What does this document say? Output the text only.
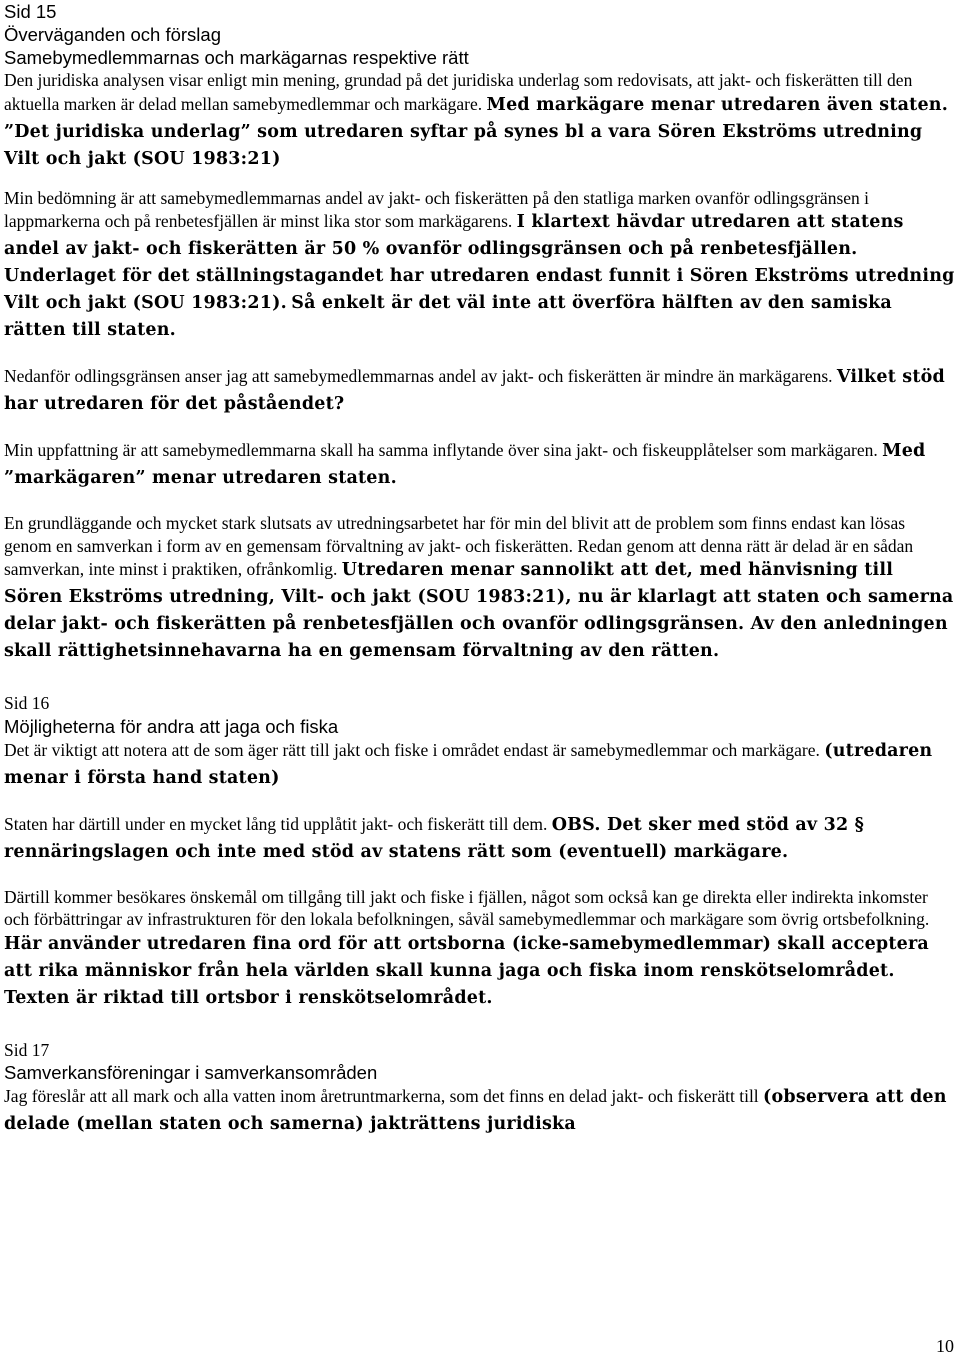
Sid 15
Överväganden och förslag
Samebymedlemmarnas och markägarnas respektive rätt

Den juridiska analysen visar enligt min mening, grundad på det juridiska underlag som redovisats, att jakt- och fiskerätten till den aktuella marken är delad mellan samebymedlemmar och markägare. Med markägare menar utredaren även staten. ”Det juridiska underlag” som utredaren syftar på synes bl a vara Sören Ekströms utredning Vilt och jakt (SOU 1983:21)

Min bedömning är att samebymedlemmarnas andel av jakt- och fiskerätten på den statliga marken ovanför odlingsgränsen i lappmarkerna och på renbetesfjällen är minst lika stor som markägarens. I klartext hävdar utredaren att statens andel av jakt- och fiskerätten är 50 % ovanför odlingsgränsen och på renbetesfjällen. Underlaget för det ställningstagandet har utredaren endast funnit i Sören Ekströms utredning Vilt och jakt (SOU 1983:21). Så enkelt är det väl inte att överföra hälften av den samiska rätten till staten.

Nedanför odlingsgränsen anser jag att samebymedlemmarnas andel av jakt- och fiskerätten är mindre än markägarens. Vilket stöd har utredaren för det påståendet?

Min uppfattning är att samebymedlemmarna skall ha samma inflytande över sina jakt- och fiskeupplåtelser som markägaren. Med ”markägaren” menar utredaren staten.

En grundläggande och mycket stark slutsats av utredningsarbetet har för min del blivit att de problem som finns endast kan lösas genom en samverkan i form av en gemensam förvaltning av jakt- och fiskerätten. Redan genom att denna rätt är delad är en sådan samverkan, inte minst i praktiken, ofrånkomlig. Utredaren menar sannolikt att det, med hänvisning till Sören Ekströms utredning, Vilt- och jakt (SOU 1983:21), nu är klarlagt att staten och samerna delar jakt- och fiskerätten på renbetesfjällen och ovanför odlingsgränsen. Av den anledningen skall rättighetsinnehavarna ha en gemensam förvaltning av den rätten.

Sid 16
Möjligheterna för andra att jaga och fiska

Det är viktigt att notera att de som äger rätt till jakt och fiske i området endast är samebymedlemmar och markägare. (utredaren menar i första hand staten)

Staten har därtill under en mycket lång tid upplåtit jakt- och fiskerätt till dem. OBS. Det sker med stöd av 32 § rennäringslagen och inte med stöd av statens rätt som (eventuell) markägare.

Därtill kommer besökares önskemål om tillgång till jakt och fiske i fjällen, något som också kan ge direkta eller indirekta inkomster och förbättringar av infrastrukturen för den lokala befolkningen, såväl samebymedlemmar och markägare som övrig ortsbefolkning. Här använder utredaren fina ord för att ortsborna (icke-samebymedlemmar) skall acceptera att rika människor från hela världen skall kunna jaga och fiska inom renskötselområdet. Texten är riktad till ortsbor i renskötselområdet.

Sid 17
Samverkansföreningar i samverkansområden

Jag föreslår att all mark och alla vatten inom åretruntmarkerna, som det finns en delad jakt- och fiskerätt till (observera att den delade (mellan staten och samerna) jakträttens juridiska

10
